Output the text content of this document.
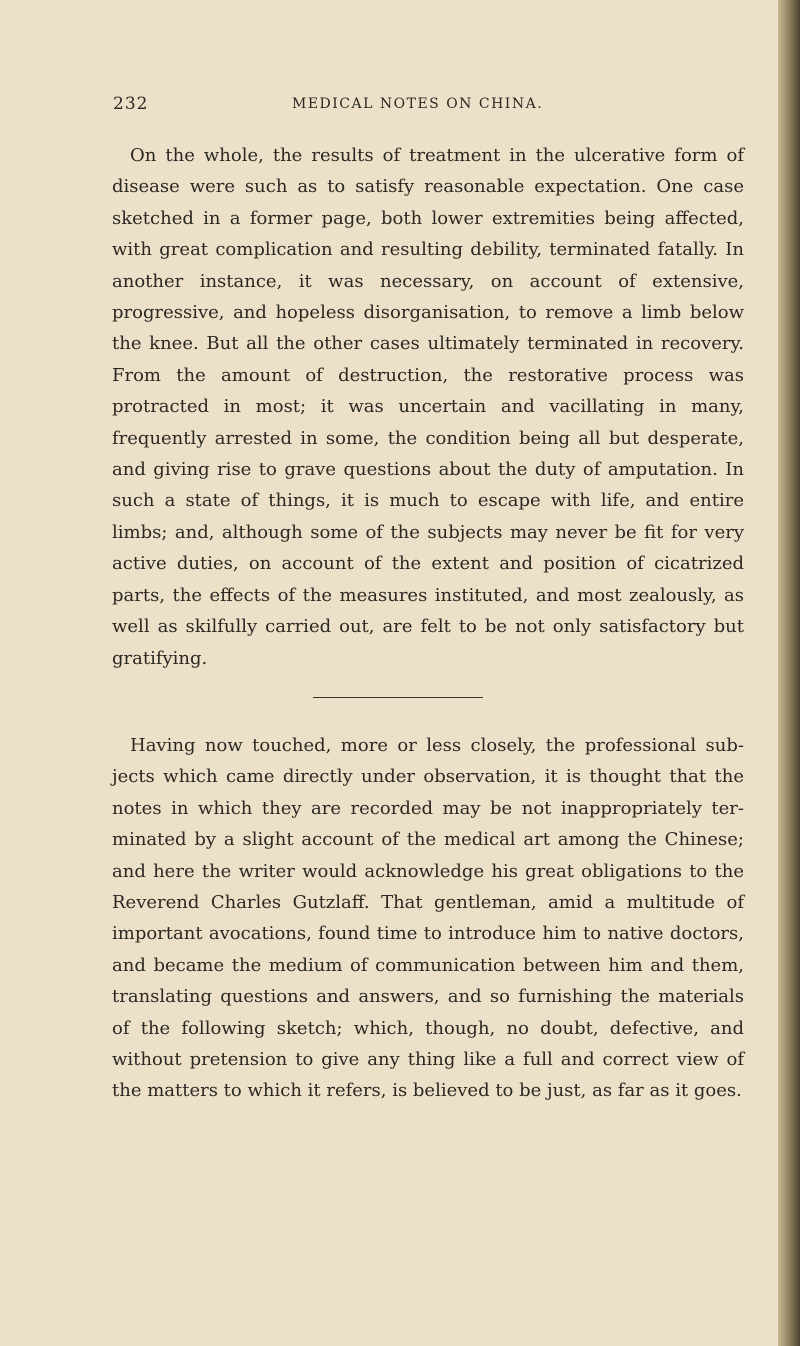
232	MEDICAL NOTES ON CHINA.

On the whole, the results of treatment in the ulcerative form of disease were such as to satisfy reasonable expectation. One case sketched in a former page, both lower extremities being affected, with great complication and resulting debility, terminated fatally. In another instance, it was necessary, on account of extensive, progressive, and hopeless disorganisation, to remove a limb below the knee. But all the other cases ultimately terminated in recovery. From the amount of destruction, the restorative process was protracted in most; it was uncertain and vacillating in many, frequently arrested in some, the condition being all but desperate, and giving rise to grave questions about the duty of amputation. In such a state of things, it is much to escape with life, and entire limbs; and, although some of the subjects may never be fit for very active duties, on account of the extent and position of cicatrized parts, the effects of the measures instituted, and most zealously, as well as skilfully carried out, are felt to be not only satisfactory but gratifying.

Having now touched, more or less closely, the professional subjects which came directly under observation, it is thought that the notes in which they are recorded may be not inappropriately terminated by a slight account of the medical art among the Chinese; and here the writer would acknowledge his great obligations to the Reverend Charles Gutzlaff. That gentleman, amid a multitude of important avocations, found time to introduce him to native doctors, and became the medium of communication between him and them, translating questions and answers, and so furnishing the materials of the following sketch; which, though, no doubt, defective, and without pretension to give any thing like a full and correct view of the matters to which it refers, is believed to be just, as far as it goes.
